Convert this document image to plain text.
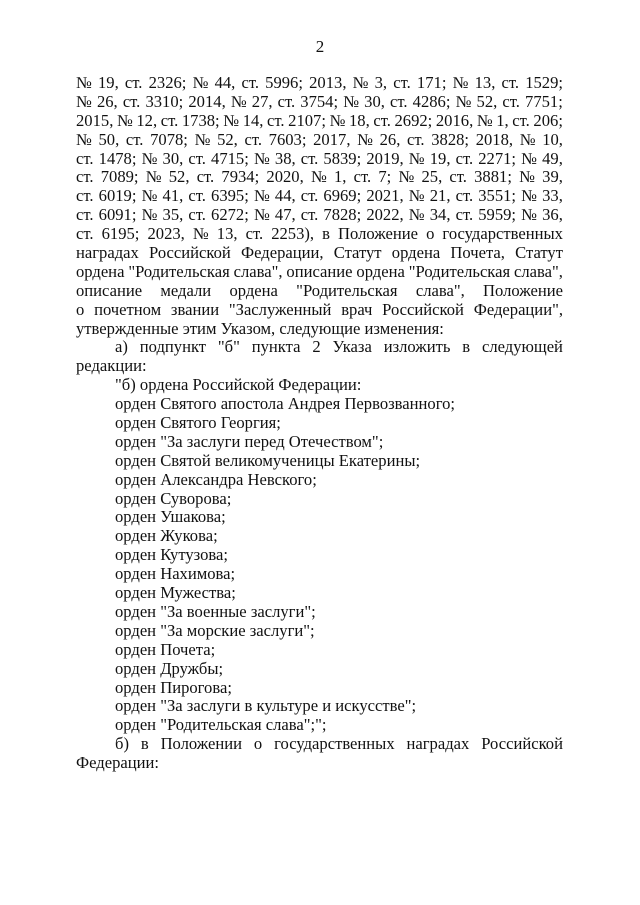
2
№ 19, ст. 2326; № 44, ст. 5996; 2013, № 3, ст. 171; № 13, ст. 1529;
№ 26, ст. 3310; 2014, № 27, ст. 3754; № 30, ст. 4286; № 52, ст. 7751;
2015, № 12, ст. 1738; № 14, ст. 2107; № 18, ст. 2692; 2016, № 1, ст. 206;
№ 50, ст. 7078; № 52, ст. 7603; 2017, № 26, ст. 3828; 2018, № 10,
ст. 1478; № 30, ст. 4715; № 38, ст. 5839; 2019, № 19, ст. 2271; № 49,
ст. 7089; № 52, ст. 7934; 2020, № 1, ст. 7; № 25, ст. 3881; № 39,
ст. 6019; № 41, ст. 6395; № 44, ст. 6969; 2021, № 21, ст. 3551; № 33,
ст. 6091; № 35, ст. 6272; № 47, ст. 7828; 2022, № 34, ст. 5959; № 36,
ст. 6195; 2023, № 13, ст. 2253), в Положение о государственных
наградах Российской Федерации, Статут ордена Почета, Статут
ордена "Родительская слава", описание ордена "Родительская слава",
описание медали ордена "Родительская слава", Положение
о почетном звании "Заслуженный врач Российской Федерации",
утвержденные этим Указом, следующие изменения:
а) подпункт "б" пункта 2 Указа изложить в следующей
редакции:
"б) ордена Российской Федерации:
орден Святого апостола Андрея Первозванного;
орден Святого Георгия;
орден "За заслуги перед Отечеством";
орден Святой великомученицы Екатерины;
орден Александра Невского;
орден Суворова;
орден Ушакова;
орден Жукова;
орден Кутузова;
орден Нахимова;
орден Мужества;
орден "За военные заслуги";
орден "За морские заслуги";
орден Почета;
орден Дружбы;
орден Пирогова;
орден "За заслуги в культуре и искусстве";
орден "Родительская слава";";
б) в Положении о государственных наградах Российской
Федерации:
